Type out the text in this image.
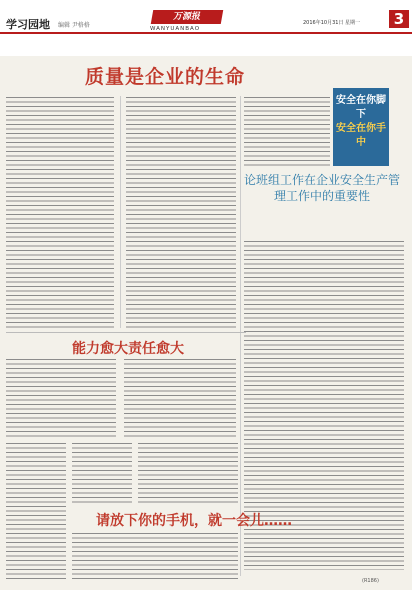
学习园地 编辑 尹格格
万源报
WANYUANBAO
2016年10月31日 星期一	3
质量是企业的生命
安全在你脚下
安全在你手中
论班组工作在企业安全生产管理工作中的重要性
能力愈大责任愈大
请放下你的手机，就一会儿……
(R186)
